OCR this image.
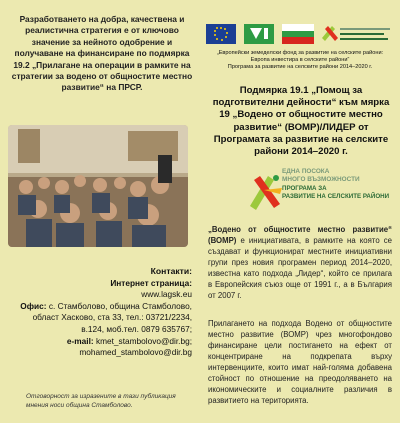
Разработването на добра, качествена и реалистична стратегия е от ключово значение за нейното одобрение и получаване на финансиране по подмярка 19.2 „Прилагане на операции в рамките на стратегии за водено от общностите местно развитие“ на ПРСР.
Контакти:
Интернет страница:
www.lagsk.eu
Офис: с. Стамболово, община Стамболово, област Хасково, ста 33, тел.: 03721/2234, в.124, моб.тел. 0879 635767;
e-mail: kmet_stambolovo@dir.bg;
mohamed_stambolovo@dir.bg
Отговорност за изразените в тази публикация мнения носи община Стамболово.
„Европейски земеделски фонд за развитие на селските райони:
Европа инвестира в селските райони“
Програма за развитие на селските райони 2014–2020 г.
Подмярка 19.1 „Помощ за подготвителни дейности“ към мярка 19 „Водено от общностите местно развитие“ (ВОМР)/ЛИДЕР от Програмата за развитие на селските райони 2014–2020 г.
ЕДНА ПОСОКА
МНОГО ВЪЗМОЖНОСТИ
ПРОГРАМА ЗА
РАЗВИТИЕ НА СЕЛСКИТЕ РАЙОНИ
„Водено от общностите местно развитие“ (ВОМР) е инициативата, в рамките на която се създават и функционират местните инициативни групи през новия програмен период 2014–2020, известна като подхода „Лидер“, който се прилага в Европейския съюз още от 1991 г., а в България от 2007 г.
Прилагането на подхода Водено от общностите местно развитие (ВОМР) чрез многофондово финансиране цели постигането на ефект от концентриране на подкрепата върху интервенциите, които имат най-голяма добавена стойност по отношение на преодоляването на икономическите и социалните различия в развитието на територията.
